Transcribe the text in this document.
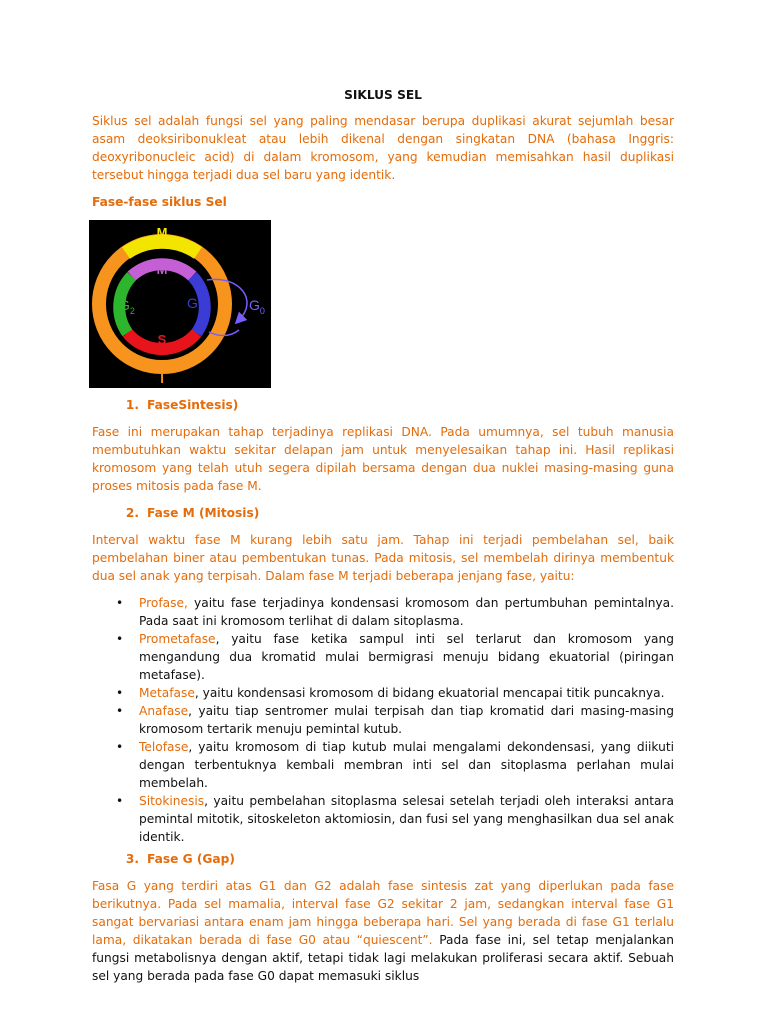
SIKLUS SEL

Siklus sel adalah fungsi sel yang paling mendasar berupa duplikasi akurat sejumlah besar asam deoksiribonukleat atau lebih dikenal dengan singkatan DNA (bahasa Inggris: deoxyribonucleic acid) di dalam kromosom, yang kemudian memisahkan hasil duplikasi tersebut hingga terjadi dua sel baru yang identik.

Fase-fase siklus Sel
M
M
$G_2$	$G_1$	$G_0$
S
I
1. FaseSintesis)

Fase ini merupakan tahap terjadinya replikasi DNA. Pada umumnya, sel tubuh manusia membutuhkan waktu sekitar delapan jam untuk menyelesaikan tahap ini. Hasil replikasi kromosom yang telah utuh segera dipilah bersama dengan dua nuklei masing-masing guna proses mitosis pada fase M.

2. Fase M (Mitosis)

Interval waktu fase M kurang lebih satu jam. Tahap ini terjadi pembelahan sel, baik pembelahan biner atau pembentukan tunas. Pada mitosis, sel membelah dirinya membentuk dua sel anak yang terpisah. Dalam fase M terjadi beberapa jenjang fase, yaitu:

• Profase, yaitu fase terjadinya kondensasi kromosom dan pertumbuhan pemintalnya. Pada saat ini kromosom terlihat di dalam sitoplasma.
• Prometafase, yaitu fase ketika sampul inti sel terlarut dan kromosom yang mengandung dua kromatid mulai bermigrasi menuju bidang ekuatorial (piringan metafase).
• Metafase, yaitu kondensasi kromosom di bidang ekuatorial mencapai titik puncaknya.
• Anafase, yaitu tiap sentromer mulai terpisah dan tiap kromatid dari masing-masing kromosom tertarik menuju pemintal kutub.
• Telofase, yaitu kromosom di tiap kutub mulai mengalami dekondensasi, yang diikuti dengan terbentuknya kembali membran inti sel dan sitoplasma perlahan mulai membelah.
• Sitokinesis, yaitu pembelahan sitoplasma selesai setelah terjadi oleh interaksi antara pemintal mitotik, sitoskeleton aktomiosin, dan fusi sel yang menghasilkan dua sel anak identik.
3. Fase G (Gap)

Fasa G yang terdiri atas G1 dan G2 adalah fase sintesis zat yang diperlukan pada fase berikutnya. Pada sel mamalia, interval fase G2 sekitar 2 jam, sedangkan interval fase G1 sangat bervariasi antara enam jam hingga beberapa hari. Sel yang berada di fase G1 terlalu lama, dikatakan berada di fase G0 atau “quiescent”. Pada fase ini, sel tetap menjalankan fungsi metabolisnya dengan aktif, tetapi tidak lagi melakukan proliferasi secara aktif. Sebuah sel yang berada pada fase G0 dapat memasuki siklus
